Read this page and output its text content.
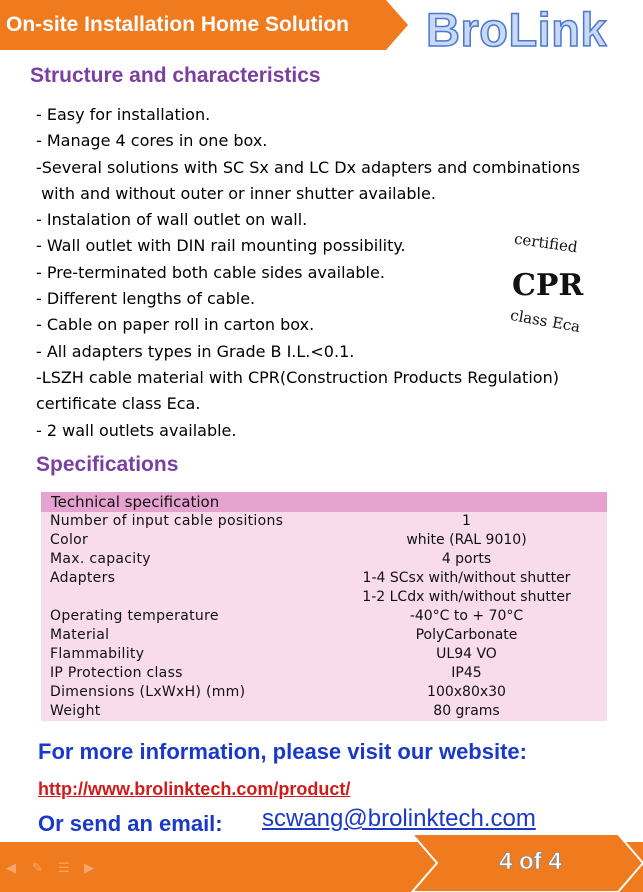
On-site Installation Home Solution BroLink
Structure and characteristics
- Easy for installation.
- Manage 4 cores in one box.
-Several solutions with SC Sx and LC Dx adapters and combinations
with and without outer or inner shutter available.
- Instalation of wall outlet on wall.
- Wall outlet with DIN rail mounting possibility.
- Pre-terminated both cable sides available.
- Different lengths of cable.
- Cable on paper roll in carton box.
- All adapters types in Grade B I.L.<0.1.
-LSZH cable material with CPR(Construction Products Regulation)
certificate class Eca.
- 2 wall outlets available.
certified
CPR
class Eca
Specifications
Technical specification
Number of input cable positions	1
Color	white (RAL 9010)
Max. capacity	4 ports
Adapters	1-4 SCsx with/without shutter
1-2 LCdx with/without shutter
Operating temperature	-40°C to + 70°C
Material	PolyCarbonate
Flammability	UL94 VO
IP Protection class	IP45
Dimensions (LxWxH) (mm)	100x80x30
Weight	80 grams
For more information, please visit our website:
http://www.brolinktech.com/product/
Or send an email: scwang@brolinktech.com
◀	✎ ☰ ▶	4 of 4
